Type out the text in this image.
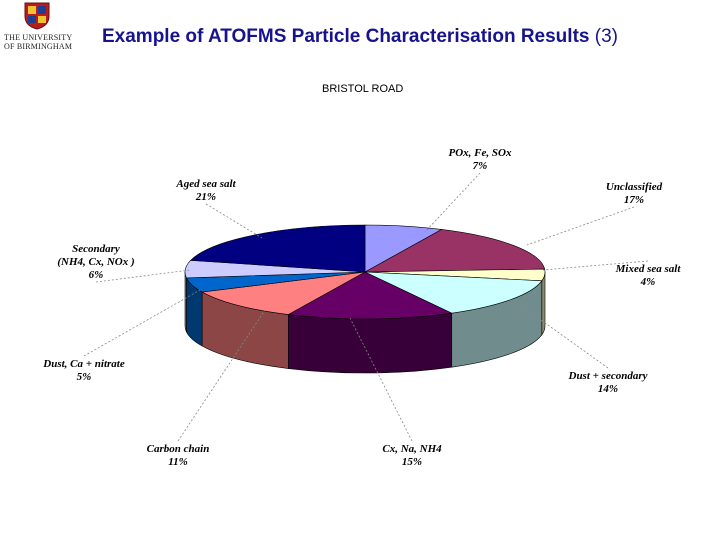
THE UNIVERSITY
OF BIRMINGHAM Example of ATOFMS Particle Characterisation Results (3)
BRISTOL ROAD
POx, Fe, SOx
7%
Unclassified
17%
Mixed sea salt
4%
Dust + secondary
14%
Cx, Na, NH4
15%
Carbon chain
11%
Dust, Ca + nitrate
5%
Secondary
(NH4, Cx, NOx )
6%
Aged sea salt
21%
